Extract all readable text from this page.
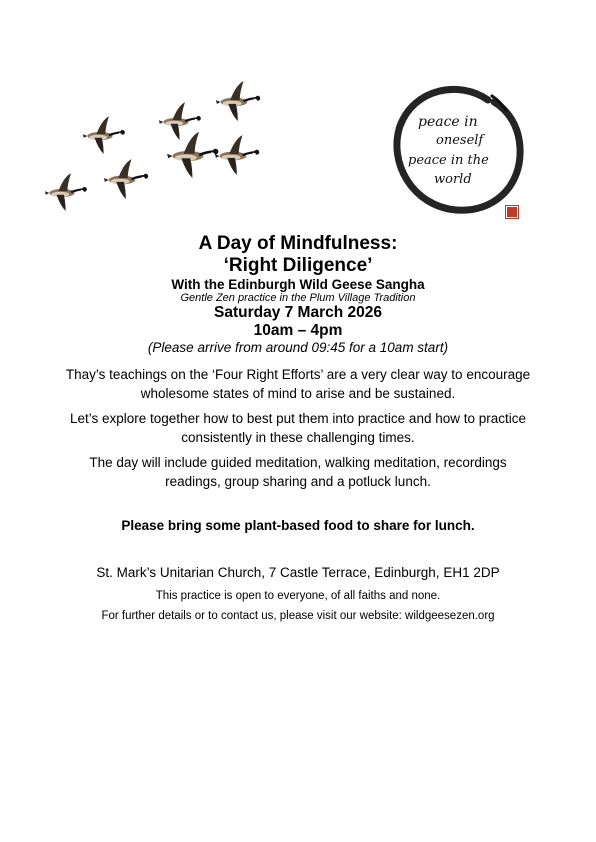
peace in
oneself
peace in the
world
A Day of Mindfulness:
‘Right Diligence’
With the Edinburgh Wild Geese Sangha
Gentle Zen practice in the Plum Village Tradition
Saturday 7 March 2026
10am – 4pm
(Please arrive from around 09:45 for a 10am start)
Thay’s teachings on the ‘Four Right Efforts’ are a very clear way to encourage wholesome states of mind to arise and be sustained.
Let’s explore together how to best put them into practice and how to practice consistently in these challenging times.
The day will include guided meditation, walking meditation, recordings readings, group sharing and a potluck lunch.
Please bring some plant-based food to share for lunch.
St. Mark’s Unitarian Church, 7 Castle Terrace, Edinburgh, EH1 2DP
This practice is open to everyone, of all faiths and none.
For further details or to contact us, please visit our website: wildgeesezen.org
